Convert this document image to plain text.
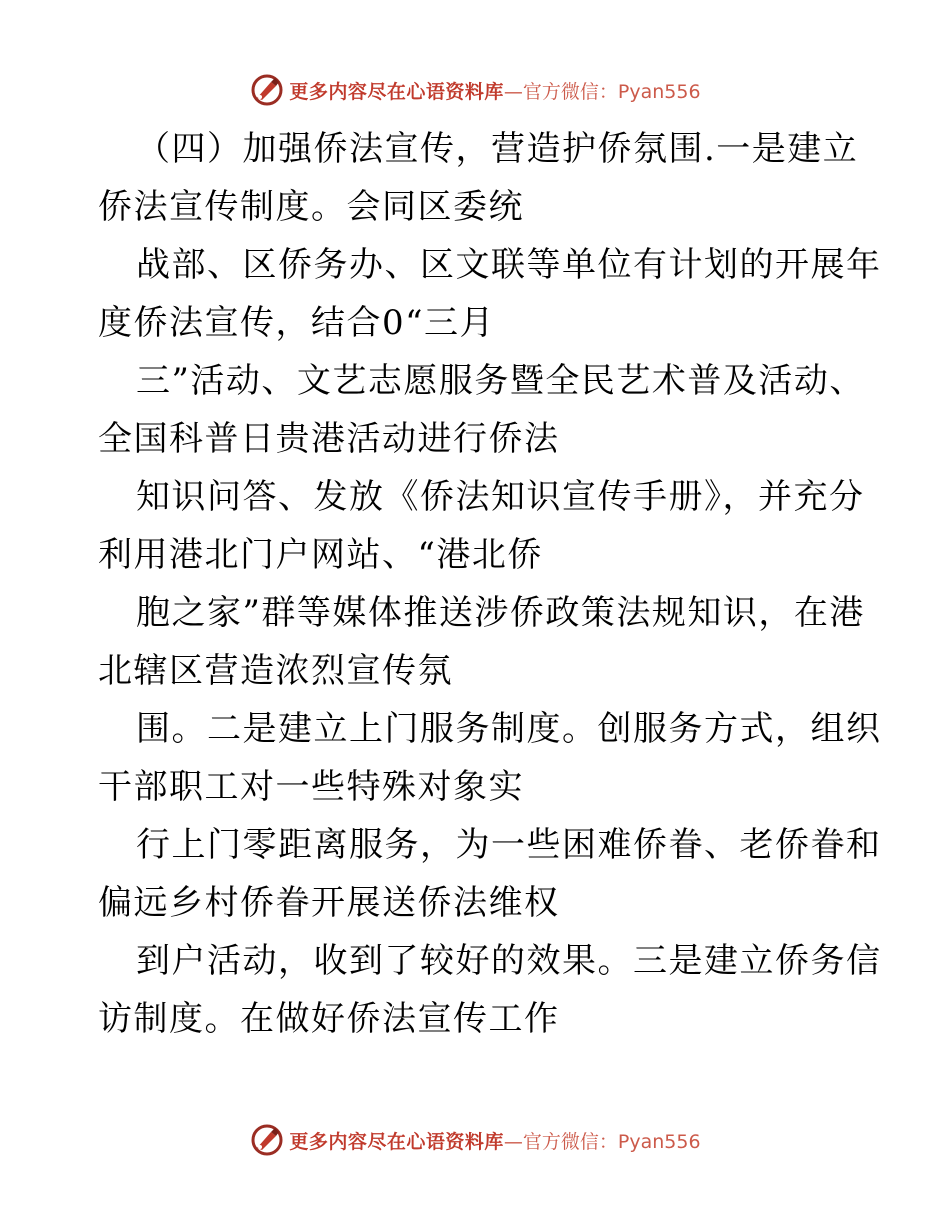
更多内容尽在心语资料库 —官方微信：Pyan556
（四）加强侨法宣传，营造护侨氛围.一是建立
侨法宣传制度。会同区委统
战部、区侨务办、区文联等单位有计划的开展年
度侨法宣传，结合0“三月
三”活动、文艺志愿服务暨全民艺术普及活动、
全国科普日贵港活动进行侨法
知识问答、发放《侨法知识宣传手册》，并充分
利用港北门户网站、“港北侨
胞之家”群等媒体推送涉侨政策法规知识，在港
北辖区营造浓烈宣传氛
围。二是建立上门服务制度。创服务方式，组织
干部职工对一些特殊对象实
行上门零距离服务，为一些困难侨眷、老侨眷和
偏远乡村侨眷开展送侨法维权
到户活动，收到了较好的效果。三是建立侨务信
访制度。在做好侨法宣传工作
更多内容尽在心语资料库 —官方微信：Pyan556
